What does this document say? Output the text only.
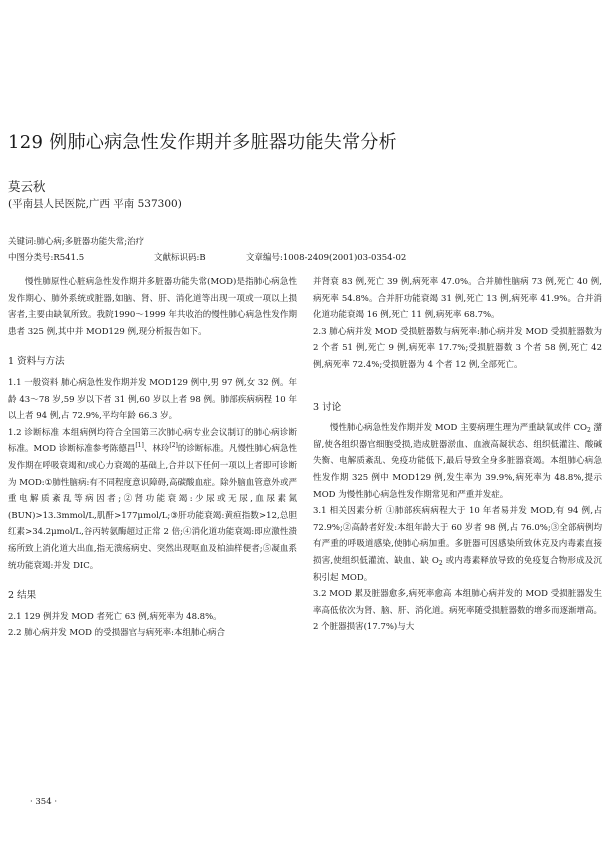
129 例肺心病急性发作期并多脏器功能失常分析

莫云秋

(平南县人民医院,广西 平南 537300)

关键词:肺心病;多脏器功能失常;治疗

中图分类号:R541.5	文献标识码:B	文章编号:1008-2409(2001)03-0354-02

慢性肺原性心脏病急性发作期并多脏器功能失常(MOD)是指肺心病急性发作期心、肺外系统或脏器,如脑、肾、肝、消化道等出现一项或一项以上损害者,主要由缺氧所致。我院1990～1999 年共收治的慢性肺心病急性发作期患者 325 例,其中并 MOD129 例,现分析报告如下。

1 资料与方法

1.1 一般资料 肺心病急性发作期并发 MOD129 例中,男 97 例,女 32 例。年龄 43～78 岁,59 岁以下者 31 例,60 岁以上者 98 例。肺部疾病病程 10 年以上者 94 例,占 72.9%,平均年龄 66.3 岁。

1.2 诊断标准 本组病例均符合全国第三次肺心病专业会议制订的肺心病诊断标准。MOD 诊断标准参考陈德昌[1]、林玲[2]的诊断标准。凡慢性肺心病急性发作期在呼吸衰竭和/或心力衰竭的基础上,合并以下任何一项以上者即可诊断为 MOD:①肺性脑病:有不同程度意识障碍,高碳酸血症。除外脑血管意外或严重电解质紊乱等病因者;②肾功能衰竭:少尿或无尿,血尿素氮(BUN)>13.3mmol/L,肌酐>177μmol/L;③肝功能衰竭:黄疸指数>12,总胆红素>34.2μmol/L,谷丙转氨酶超过正常 2 倍;④消化道功能衰竭:即应激性溃疡所致上消化道大出血,指无溃疡病史、突然出现呕血及柏油样便者;⑤凝血系统功能衰竭:并发 DIC。

2 结果

2.1 129 例并发 MOD 者死亡 63 例,病死率为 48.8%。

2.2 肺心病并发 MOD 的受损器官与病死率:本组肺心病合

· 354 ·

并肾衰 83 例,死亡 39 例,病死率 47.0%。合并肺性脑病 73 例,死亡 40 例,病死率 54.8%。合并肝功能衰竭 31 例,死亡 13 例,病死率 41.9%。合并消化道功能衰竭 16 例,死亡 11 例,病死率 68.7%。

2.3 肺心病并发 MOD 受损脏器数与病死率:肺心病并发 MOD 受损脏器数为 2 个者 51 例,死亡 9 例,病死率 17.7%;受损脏器数 3 个者 58 例,死亡 42 例,病死率 72.4%;受损脏器为 4 个者 12 例,全部死亡。

3 讨论

慢性肺心病急性发作期并发 MOD 主要病理生理为严重缺氧或伴 $CO_2$ 潴留,使各组织器官细胞受损,造成脏器淤血、血液高凝状态、组织低灌注、酸碱失衡、电解质紊乱、免疫功能低下,最后导致全身多脏器衰竭。本组肺心病急性发作期 325 例中 MOD129 例,发生率为 39.9%,病死率为 48.8%,提示 MOD 为慢性肺心病急性发作期常见和严重并发症。

3.1 相关因素分析 ①肺部疾病病程大于 10 年者易并发 MOD,有 94 例,占 72.9%;②高龄者好发:本组年龄大于 60 岁者 98 例,占 76.0%;③全部病例均有严重的呼吸道感染,使肺心病加重。多脏器可因感染所致休克及内毒素直接损害,使组织低灌流、缺血、缺 $O_2$ 或内毒素释放导致的免疫复合物形成及沉积引起 MOD。

3.2 MOD 累及脏器愈多,病死率愈高 本组肺心病并发的 MOD 受损脏器发生率高低依次为肾、脑、肝、消化道。病死率随受损脏器数的增多而逐渐增高。2 个脏器损害(17.7%)与大
